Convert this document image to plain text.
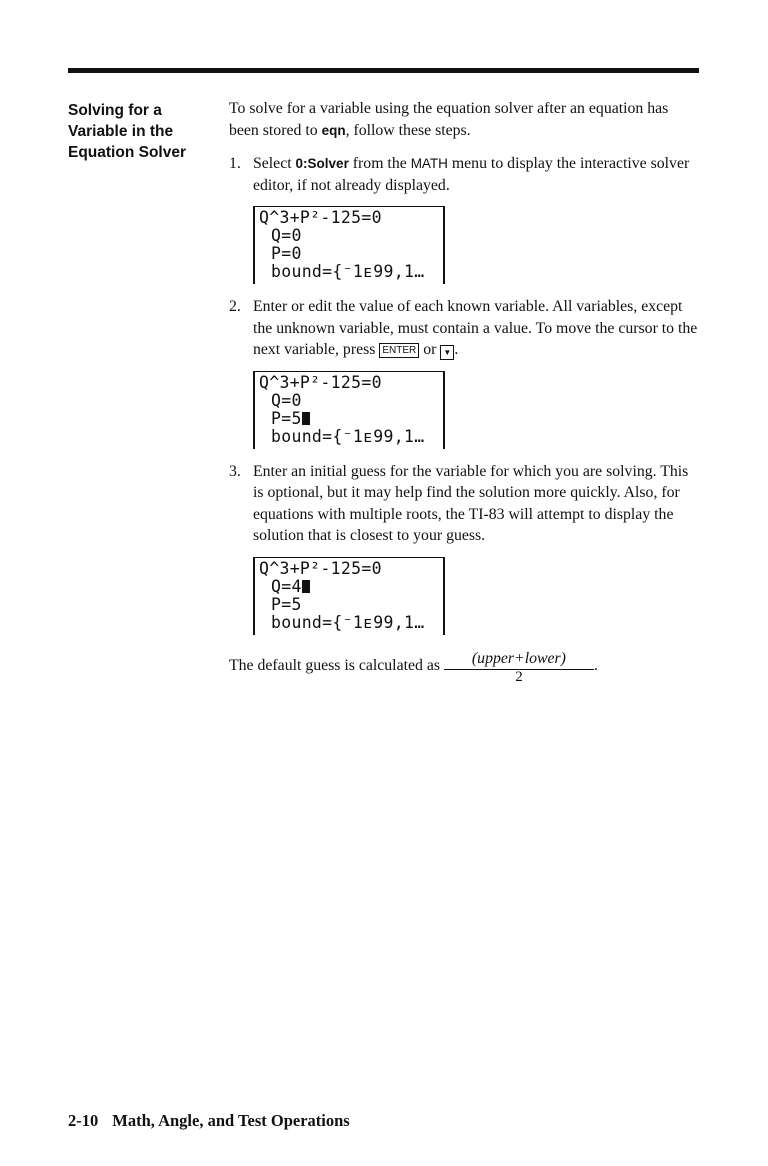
Solving for a
Variable in the
Equation Solver

To solve for a variable using the equation solver after an equation has been stored to eqn, follow these steps.

1. Select 0:Solver from the MATH menu to display the interactive solver editor, if not already displayed.
Q^3+P²-125=0
Q=0
P=0
bound={⁻1ᴇ99,1…
2. Enter or edit the value of each known variable. All variables, except the unknown variable, must contain a value. To move the cursor to the next variable, press ENTER or ▼ .
Q^3+P²-125=0
Q=0
P=5
bound={⁻1ᴇ99,1…
3. Enter an initial guess for the variable for which you are solving. This is optional, but it may help find the solution more quickly. Also, for equations with multiple roots, the TI-83 will attempt to display the solution that is closest to your guess.
Q^3+P²-125=0
Q=4
P=5
bound={⁻1ᴇ99,1…
The default guess is calculated as $\frac{\text{(upper+lower)}}{2}$ .
2-10 Math, Angle, and Test Operations
